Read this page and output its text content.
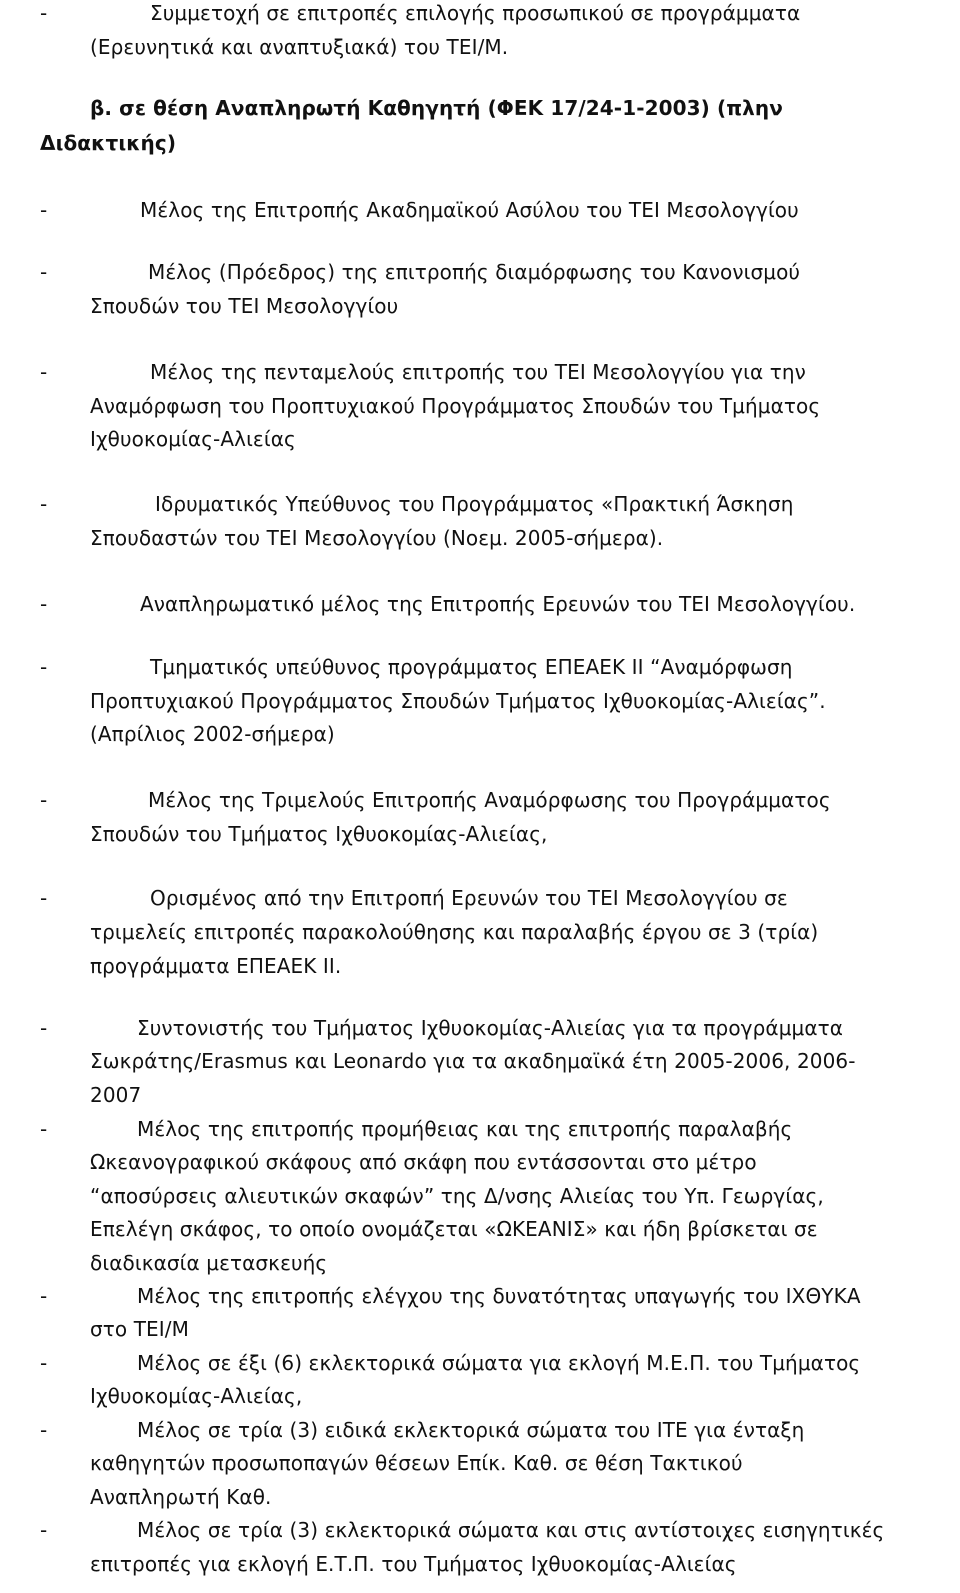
-	Συμμετοχή σε επιτροπές επιλογής προσωπικού σε προγράμματα

(Ερευνητικά και αναπτυξιακά) του ΤΕΙ/Μ.

β. σε θέση Αναπληρωτή Καθηγητή (ΦΕΚ 17/24-1-2003) (πλην

Διδακτικής)

-	Μέλος της Επιτροπής Ακαδημαϊκού Ασύλου του ΤΕΙ Μεσολογγίου

-	Μέλος (Πρόεδρος) της επιτροπής διαμόρφωσης του Κανονισμού

Σπουδών του ΤΕΙ Μεσολογγίου

-	Μέλος της πενταμελούς επιτροπής του ΤΕΙ Μεσολογγίου για την

Αναμόρφωση του Προπτυχιακού Προγράμματος Σπουδών του Τμήματος

Ιχθυοκομίας-Αλιείας

-	Ιδρυματικός Υπεύθυνος του Προγράμματος «Πρακτική Άσκηση

Σπουδαστών του ΤΕΙ Μεσολογγίου (Νοεμ. 2005-σήμερα).

-	Αναπληρωματικό μέλος της Επιτροπής Ερευνών του ΤΕΙ Μεσολογγίου.

-	Τμηματικός υπεύθυνος προγράμματος ΕΠΕΑΕΚ ΙΙ “Αναμόρφωση

Προπτυχιακού Προγράμματος Σπουδών Τμήματος Ιχθυοκομίας-Αλιείας”.

(Απρίλιος 2002-σήμερα)

-	Μέλος της Τριμελούς Επιτροπής Αναμόρφωσης του Προγράμματος

Σπουδών του Τμήματος Ιχθυοκομίας-Αλιείας,

-	Ορισμένος από την Επιτροπή Ερευνών του ΤΕΙ Μεσολογγίου σε

τριμελείς επιτροπές παρακολούθησης και παραλαβής έργου σε 3 (τρία)

προγράμματα ΕΠΕΑΕΚ ΙΙ.

-	Συντονιστής του Τμήματος Ιχθυοκομίας-Αλιείας για τα προγράμματα

Σωκράτης/Erasmus και Leonardo για τα ακαδημαϊκά έτη 2005-2006, 2006-

2007

-	Μέλος της επιτροπής προμήθειας και της επιτροπής παραλαβής

Ωκεανογραφικού σκάφους από σκάφη που εντάσσονται στο μέτρο

“αποσύρσεις αλιευτικών σκαφών” της Δ/νσης Αλιείας του Υπ. Γεωργίας,

Επελέγη σκάφος, το οποίο ονομάζεται «ΩΚΕΑΝΙΣ» και ήδη βρίσκεται σε

διαδικασία μετασκευής

-	Μέλος της επιτροπής ελέγχου της δυνατότητας υπαγωγής του ΙΧΘΥΚΑ

στο ΤΕΙ/Μ

-	Μέλος σε έξι (6) εκλεκτορικά σώματα για εκλογή Μ.Ε.Π. του Τμήματος

Ιχθυοκομίας-Αλιείας,

-	Μέλος σε τρία (3) ειδικά εκλεκτορικά σώματα του ΙΤΕ για ένταξη

καθηγητών προσωποπαγών θέσεων Επίκ. Καθ. σε θέση Τακτικού

Αναπληρωτή Καθ.

-	Μέλος σε τρία (3) εκλεκτορικά σώματα και στις αντίστοιχες εισηγητικές

επιτροπές για εκλογή Ε.Τ.Π. του Τμήματος Ιχθυοκομίας-Αλιείας
